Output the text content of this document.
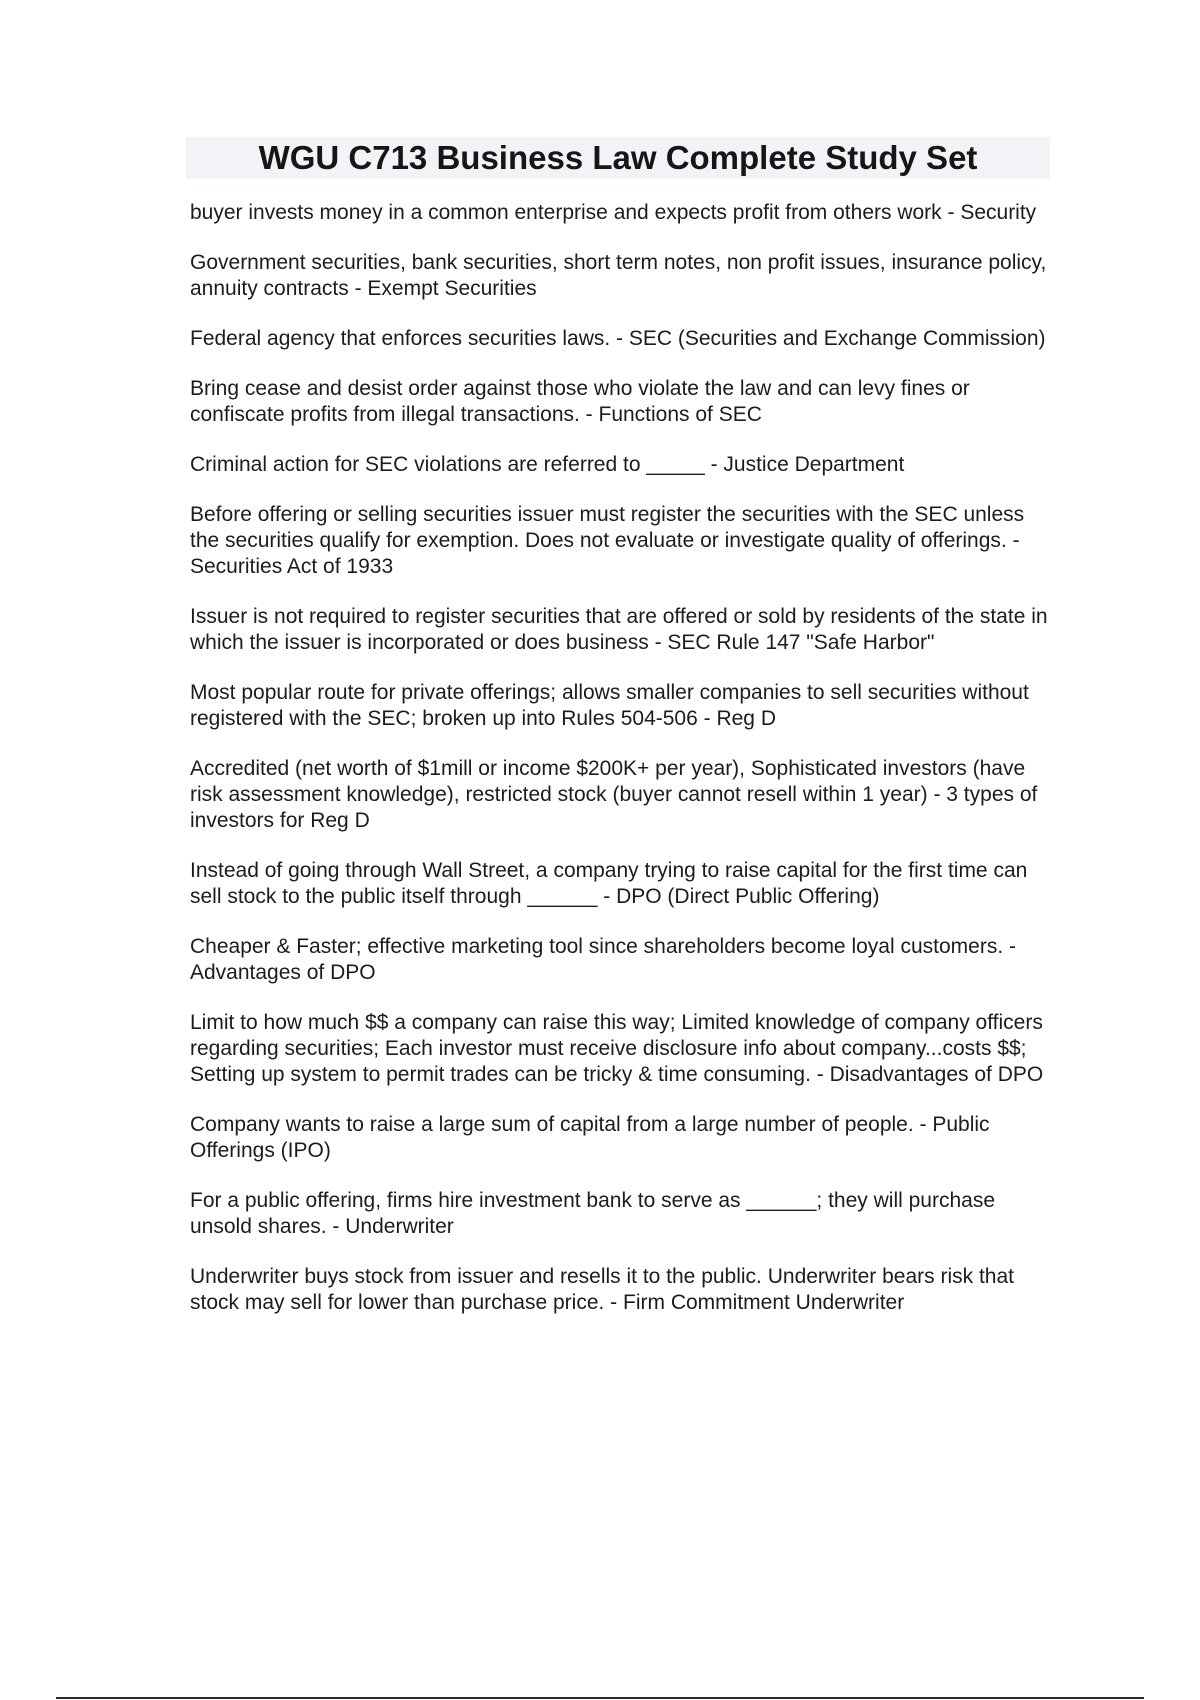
WGU C713 Business Law Complete Study Set
buyer invests money in a common enterprise and expects profit from others work - Security
Government securities, bank securities, short term notes, non profit issues, insurance policy, annuity contracts - Exempt Securities
Federal agency that enforces securities laws. - SEC (Securities and Exchange Commission)
Bring cease and desist order against those who violate the law and can levy fines or confiscate profits from illegal transactions. - Functions of SEC
Criminal action for SEC violations are referred to _____ - Justice Department
Before offering or selling securities issuer must register the securities with the SEC unless the securities qualify for exemption. Does not evaluate or investigate quality of offerings. - Securities Act of 1933
Issuer is not required to register securities that are offered or sold by residents of the state in which the issuer is incorporated or does business - SEC Rule 147 "Safe Harbor"
Most popular route for private offerings; allows smaller companies to sell securities without registered with the SEC; broken up into Rules 504-506 - Reg D
Accredited (net worth of $1mill or income $200K+ per year), Sophisticated investors (have risk assessment knowledge), restricted stock (buyer cannot resell within 1 year) - 3 types of investors for Reg D
Instead of going through Wall Street, a company trying to raise capital for the first time can sell stock to the public itself through ______ - DPO (Direct Public Offering)
Cheaper & Faster; effective marketing tool since shareholders become loyal customers. - Advantages of DPO
Limit to how much $$ a company can raise this way; Limited knowledge of company officers regarding securities; Each investor must receive disclosure info about company...costs $$; Setting up system to permit trades can be tricky & time consuming. - Disadvantages of DPO
Company wants to raise a large sum of capital from a large number of people. - Public Offerings (IPO)
For a public offering, firms hire investment bank to serve as ______; they will purchase unsold shares. - Underwriter
Underwriter buys stock from issuer and resells it to the public. Underwriter bears risk that stock may sell for lower than purchase price. - Firm Commitment Underwriter
